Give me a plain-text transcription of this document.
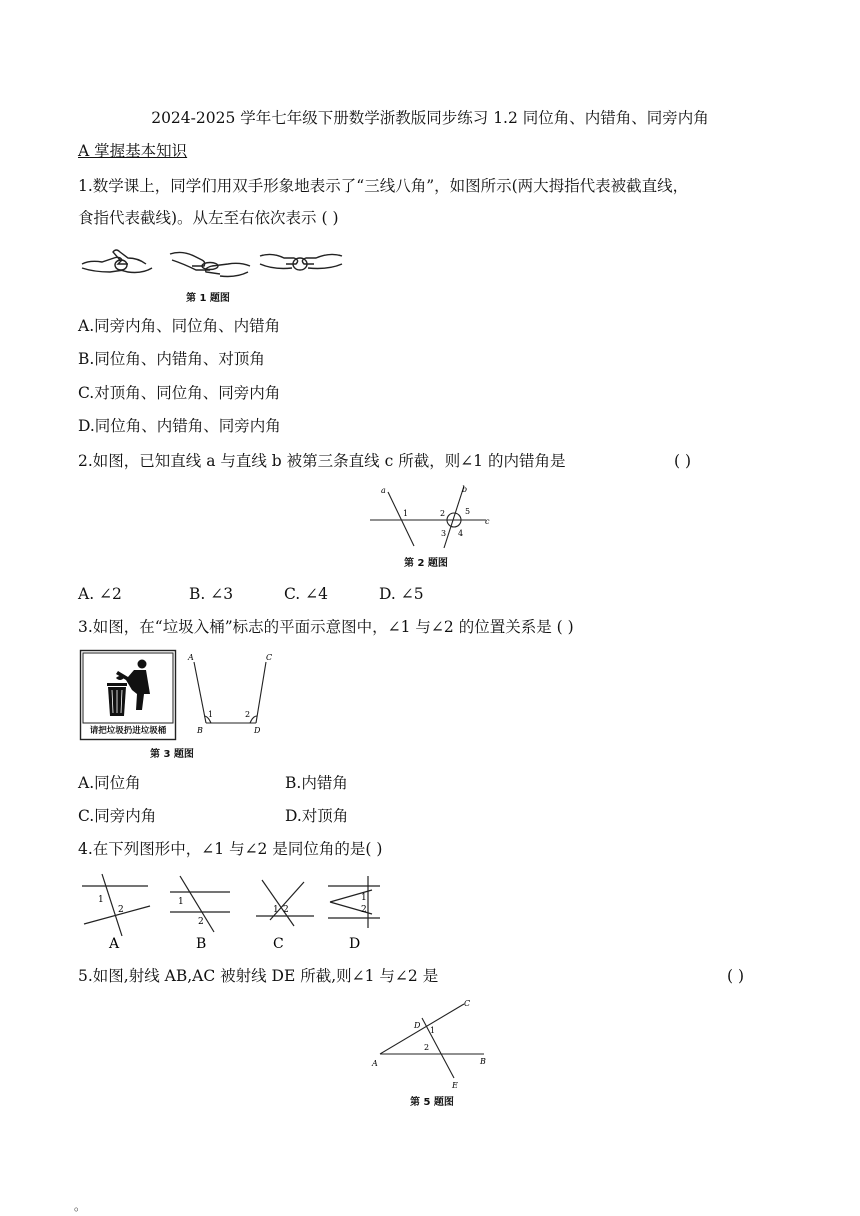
2024-2025 学年七年级下册数学浙教版同步练习 1.2 同位角、内错角、同旁内角
A 掌握基本知识
1.数学课上，同学们用双手形象地表示了“三线八角”，如图所示(两大拇指代表被截直线，
食指代表截线)。从左至右依次表示 ( )
第 1 题图
A.同旁内角、同位角、内错角
B.同位角、内错角、对顶角
C.对顶角、同位角、同旁内角
D.同位角、内错角、同旁内角
2.如图，已知直线 a 与直线 b 被第三条直线 c 所截，则∠1 的内错角是	( )
a	b
c
1	2
3 4
5
第 2 题图
A. ∠2	B. ∠3	C. ∠4	D. ∠5
3.如图，在“垃圾入桶”标志的平面示意图中，∠1 与∠2 的位置关系是 ( )
请把垃圾扔进垃圾桶
A	C
B	D
1	2
第 3 题图
A.同位角	B.内错角
C.同旁内角	D.对顶角
4.在下列图形中，∠1 与∠2 是同位角的是( )
1
2
1
2
1 2
1
2
A	B	C	D
5.如图,射线 AB,AC 被射线 DE 所截,则∠1 与∠2 是	( )
A	B
C
D
E
1
2
第 5 题图
。
